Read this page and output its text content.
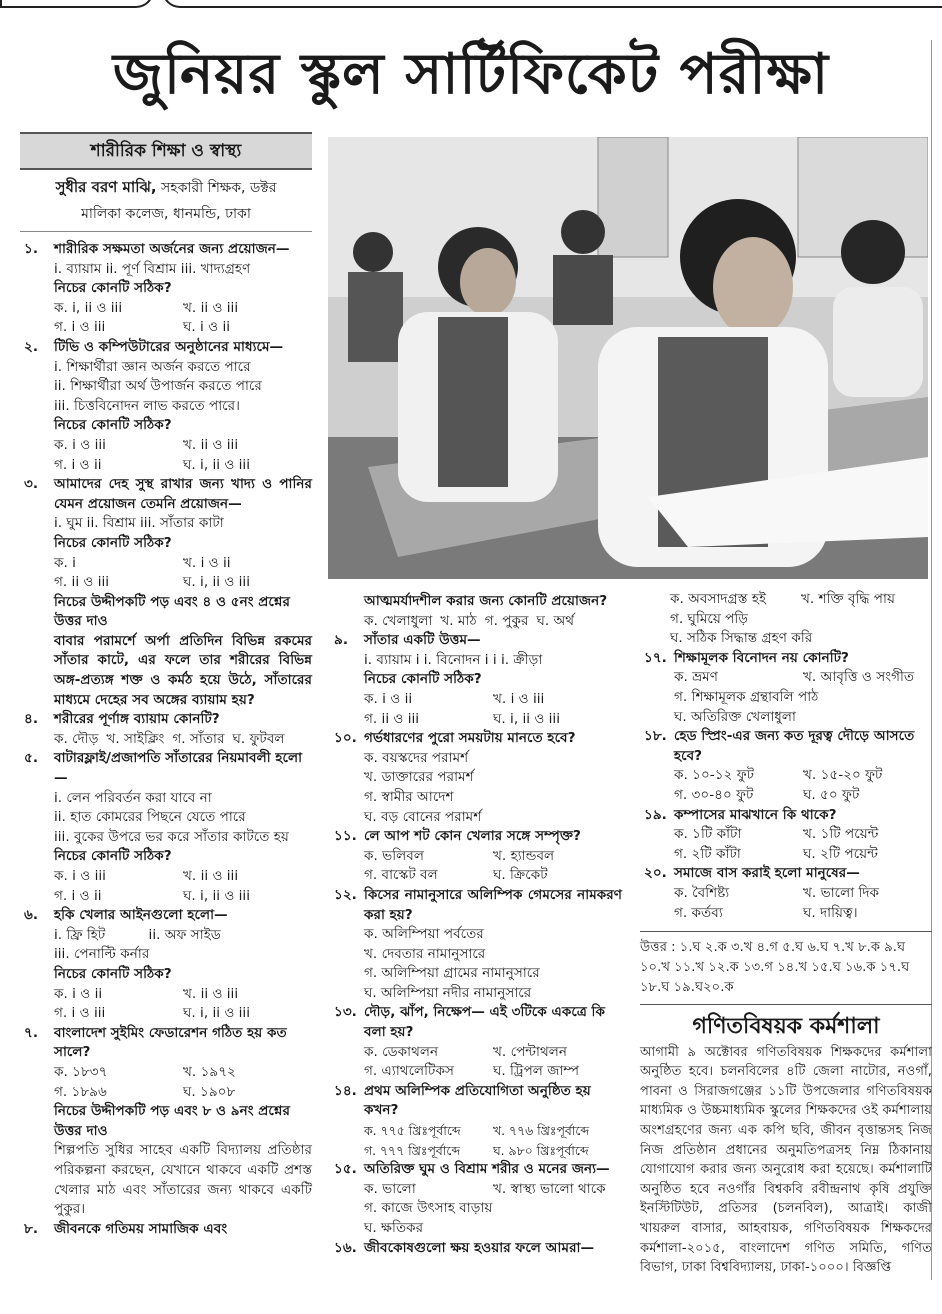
জুনিয়র স্কুল সার্টিফিকেট পরীক্ষা
শারীরিক শিক্ষা ও স্বাস্থ্য
সুধীর বরণ মাঝি, সহকারী শিক্ষক, ডক্টর
মালিকা কলেজ, ধানমন্ডি, ঢাকা
১. শারীরিক সক্ষমতা অর্জনের জন্য প্রয়োজন—
i. ব্যায়াম ii. পূর্ণ বিশ্রাম iii. খাদ্যগ্রহণ
নিচের কোনটি সঠিক?
ক. i, ii ও iii	খ. ii ও iii
গ. i ও iii	ঘ. i ও ii
২. টিভি ও কম্পিউটারের অনুষ্ঠানের মাধ্যমে—
i. শিক্ষার্থীরা জ্ঞান অর্জন করতে পারে
ii. শিক্ষার্থীরা অর্থ উপার্জন করতে পারে
iii. চিত্তবিনোদন লাভ করতে পারে।
নিচের কোনটি সঠিক?
ক. i ও iii	খ. ii ও iii
গ. i ও ii	ঘ. i, ii ও iii
৩. আমাদের দেহ সুস্থ রাখার জন্য খাদ্য ও পানির যেমন প্রয়োজন তেমনি প্রয়োজন—
i. ঘুম ii. বিশ্রাম iii. সাঁতার কাটা
নিচের কোনটি সঠিক?
ক. i	খ. i ও ii
গ. ii ও iii	ঘ. i, ii ও iii
নিচের উদ্দীপকটি পড় এবং ৪ ও ৫নং প্রশ্নের উত্তর দাও
বাবার পরামর্শে অর্পা প্রতিদিন বিভিন্ন রকমের সাঁতার কাটে, এর ফলে তার শরীরের বিভিন্ন অঙ্গ-প্রত্যঙ্গ শক্ত ও কর্মঠ হয়ে উঠে, সাঁতারের মাধ্যমে দেহের সব অঙ্গের ব্যায়াম হয়?
৪. শরীরের পূর্ণাঙ্গ ব্যায়াম কোনটি?
ক. দৌড় খ. সাইক্লিং গ. সাঁতার ঘ. ফুটবল
৫. বাটারফ্লাই/প্রজাপতি সাঁতারের নিয়মাবলী হলো—
i. লেন পরিবর্তন করা যাবে না
ii. হাত কোমরের পিছনে যেতে পারে
iii. বুকের উপরে ভর করে সাঁতার কাটতে হয়
নিচের কোনটি সঠিক?
ক. i ও iii	খ. ii ও iii
গ. i ও ii	ঘ. i, ii ও iii
৬. হকি খেলার আইনগুলো হলো—
i. ফ্রি হিট          ii. অফ সাইড
iii. পেনাল্টি কর্নার
নিচের কোনটি সঠিক?
ক. i ও ii	খ. ii ও iii
গ. i ও iii	ঘ. i, ii ও iii
৭. বাংলাদেশ সুইমিং ফেডারেশন গঠিত হয় কত সালে?
ক. ১৮৩৭	খ. ১৯৭২
গ. ১৮৯৬	ঘ. ১৯০৮
নিচের উদ্দীপকটি পড় এবং ৮ ও ৯নং প্রশ্নের উত্তর দাও
শিল্পপতি সুধির সাহেব একটি বিদ্যালয় প্রতিষ্ঠার পরিকল্পনা করছেন, যেখানে থাকবে একটি প্রশস্ত খেলার মাঠ এবং সাঁতারের জন্য থাকবে একটি পুকুর।
৮. জীবনকে গতিময় সামাজিক এবং
আত্মমর্যাদশীল করার জন্য কোনটি প্রয়োজন?
ক. খেলাধুলা খ. মাঠ গ. পুকুর ঘ. অর্থ
৯. সাঁতার একটি উত্তম—
i. ব্যায়াম i i. বিনোদন i i i. ক্রীড়া
নিচের কোনটি সঠিক?
ক. i ও ii	খ. i ও iii
গ. ii ও iii	ঘ. i, ii ও iii
১০. গর্ভধারণের পুরো সময়টায় মানতে হবে?
ক. বয়স্কদের পরামর্শ
খ. ডাক্তারের পরামর্শ
গ. স্বামীর আদেশ
ঘ. বড় বোনের পরামর্শ
১১. লে আপ শট কোন খেলার সঙ্গে সম্পৃক্ত?
ক. ভলিবল	খ. হ্যান্ডবল
গ. বাস্কেট বল	ঘ. ক্রিকেট
১২. কিসের নামানুসারে অলিম্পিক গেমসের নামকরণ করা হয়?
ক. অলিম্পিয়া পর্বতের
খ. দেবতার নামানুসারে
গ. অলিম্পিয়া গ্রামের নামানুসারে
ঘ. অলিম্পিয়া নদীর নামানুসারে
১৩. দৌড়, ঝাঁপ, নিক্ষেপ— এই ৩টিকে একত্রে কি বলা হয়?
ক. ডেকাথলন	খ. পেন্টাথলন
গ. এ্যাথলেটিকস	ঘ. ট্রিপল জাম্প
১৪. প্রথম অলিম্পিক প্রতিযোগিতা অনুষ্ঠিত হয় কখন?
ক. ৭৭৫ খ্রিঃপূর্বাব্দে	খ. ৭৭৬ খ্রিঃপূর্বাব্দে
গ. ৭৭৭ খ্রিঃপূর্বাব্দে	ঘ. ৯৮০ খ্রিঃপূর্বাব্দে
১৫. অতিরিক্ত ঘুম ও বিশ্রাম শরীর ও মনের জন্য—
ক. ভালো	খ. স্বাস্থ্য ভালো থাকে
গ. কাজে উৎসাহ বাড়ায়
ঘ. ক্ষতিকর
১৬. জীবকোষগুলো ক্ষয় হওয়ার ফলে আমরা—
ক. অবসাদগ্রস্ত হই	খ. শক্তি বৃদ্ধি পায়
গ. ঘুমিয়ে পড়ি
ঘ. সঠিক সিদ্ধান্ত গ্রহণ করি
১৭. শিক্ষামূলক বিনোদন নয় কোনটি?
ক. ভ্রমণ	খ. আবৃত্তি ও সংগীত
গ. শিক্ষামূলক গ্রন্থাবলি পাঠ
ঘ. অতিরিক্ত খেলাধুলা
১৮. হেড স্প্রিং-এর জন্য কত দূরত্ব দৌড়ে আসতে হবে?
ক. ১০-১২ ফুট	খ. ১৫-২০ ফুট
গ. ৩০-৪০ ফুট	ঘ. ৫০ ফুট
১৯. কম্পাসের মাঝখানে কি থাকে?
ক. ১টি কাঁটা	খ. ১টি পয়েন্ট
গ. ২টি কাঁটা	ঘ. ২টি পয়েন্ট
২০. সমাজে বাস করাই হলো মানুষের—
ক. বৈশিষ্ট্য	খ. ভালো দিক
গ. কর্তব্য	ঘ. দায়িত্ব।
উত্তর : ১.ঘ ২.ক ৩.খ ৪.গ ৫.ঘ ৬.ঘ ৭.খ ৮.ক ৯.ঘ ১০.খ ১১.খ ১২.ক ১৩.গ ১৪.খ ১৫.ঘ ১৬.ক ১৭.ঘ ১৮.ঘ ১৯.ঘ২০.ক
গণিতবিষয়ক কর্মশালা
আগামী ৯ অক্টোবর গণিতবিষয়ক শিক্ষকদের কর্মশালা অনুষ্ঠিত হবে। চলনবিলের ৪টি জেলা নাটোর, নওগাঁ, পাবনা ও সিরাজগঞ্জের ১১টি উপজেলার গণিতবিষয়ক মাধ্যমিক ও উচ্চমাধ্যমিক স্কুলের শিক্ষকদের ওই কর্মশালায় অংশগ্রহণের জন্য এক কপি ছবি, জীবন বৃত্তান্তসহ নিজ নিজ প্রতিষ্ঠান প্রধানের অনুমতিপত্রসহ নিম্ন ঠিকানায় যোগাযোগ করার জন্য অনুরোধ করা হয়েছে। কর্মশালাটি অনুষ্ঠিত হবে নওগাঁর বিশ্বকবি রবীন্দ্রনাথ কৃষি প্রযুক্তি ইনস্টিটিউট, প্রতিসর (চলনবিল), আত্রাই। কাজী খায়রুল বাসার, আহবায়ক, গণিতবিষয়ক শিক্ষকদের কর্মশালা-২০১৫, বাংলাদেশ গণিত সমিতি, গণিত বিভাগ, ঢাকা বিশ্ববিদ্যালয়, ঢাকা-১০০০। বিজ্ঞপ্তি
